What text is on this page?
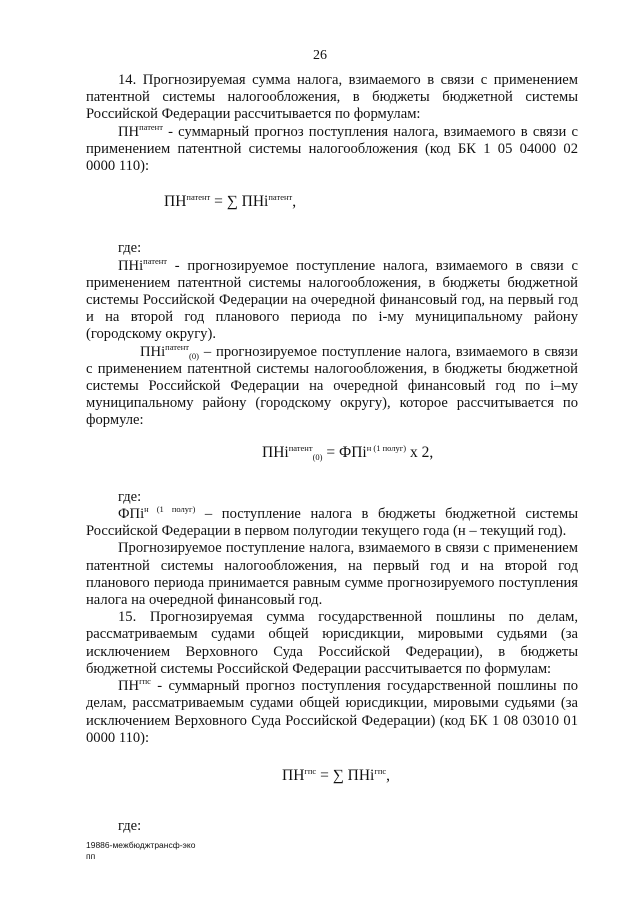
26

14. Прогнозируемая сумма налога, взимаемого в связи с применением патентной системы налогообложения, в бюджеты бюджетной системы Российской Федерации рассчитывается по формулам:

$ПН^{патент}$ - суммарный прогноз поступления налога, взимаемого в связи с применением патентной системы налогообложения (код БК 1 05 04000 02 0000 110):

$ПН^{патент}$ = ∑ ПНi$^{патент}$,

где:

ПНi$^{патент}$ - прогнозируемое поступление налога, взимаемого в связи с применением патентной системы налогообложения, в бюджеты бюджетной системы Российской Федерации на очередной финансовый год, на первый год и на второй год планового периода по i-му муниципальному району (городскому округу).

ПНi$^{патент}_{(0)}$ – прогнозируемое поступление налога, взимаемого в связи с применением патентной системы налогообложения, в бюджеты бюджетной системы Российской Федерации на очередной финансовый год по i–му муниципальному району (городскому округу), которое рассчитывается по формуле:

ПНi$^{патент}_{(0)}$ = ФПi$^{н (1 полуг)}$ х 2,

где:

ФПi$^{н (1 полуг)}$ – поступление налога в бюджеты бюджетной системы Российской Федерации в первом полугодии текущего года (н – текущий год).

Прогнозируемое поступление налога, взимаемого в связи с применением патентной системы налогообложения, на первый год и на второй год планового периода принимается равным сумме прогнозируемого поступления налога на очередной финансовый год.

15. Прогнозируемая сумма государственной пошлины по делам, рассматриваемым судами общей юрисдикции, мировыми судьями (за исключением Верховного Суда Российской Федерации), в бюджеты бюджетной системы Российской Федерации рассчитывается по формулам:

$ПН^{гпс}$ - суммарный прогноз поступления государственной пошлины по делам, рассматриваемым судами общей юрисдикции, мировыми судьями (за исключением Верховного Суда Российской Федерации) (код БК 1 08 03010 01 0000 110):

$ПН^{гпс}$ = ∑ ПНi$^{гпс}$,

где:

19886-межбюджтрансф-эко
пп
